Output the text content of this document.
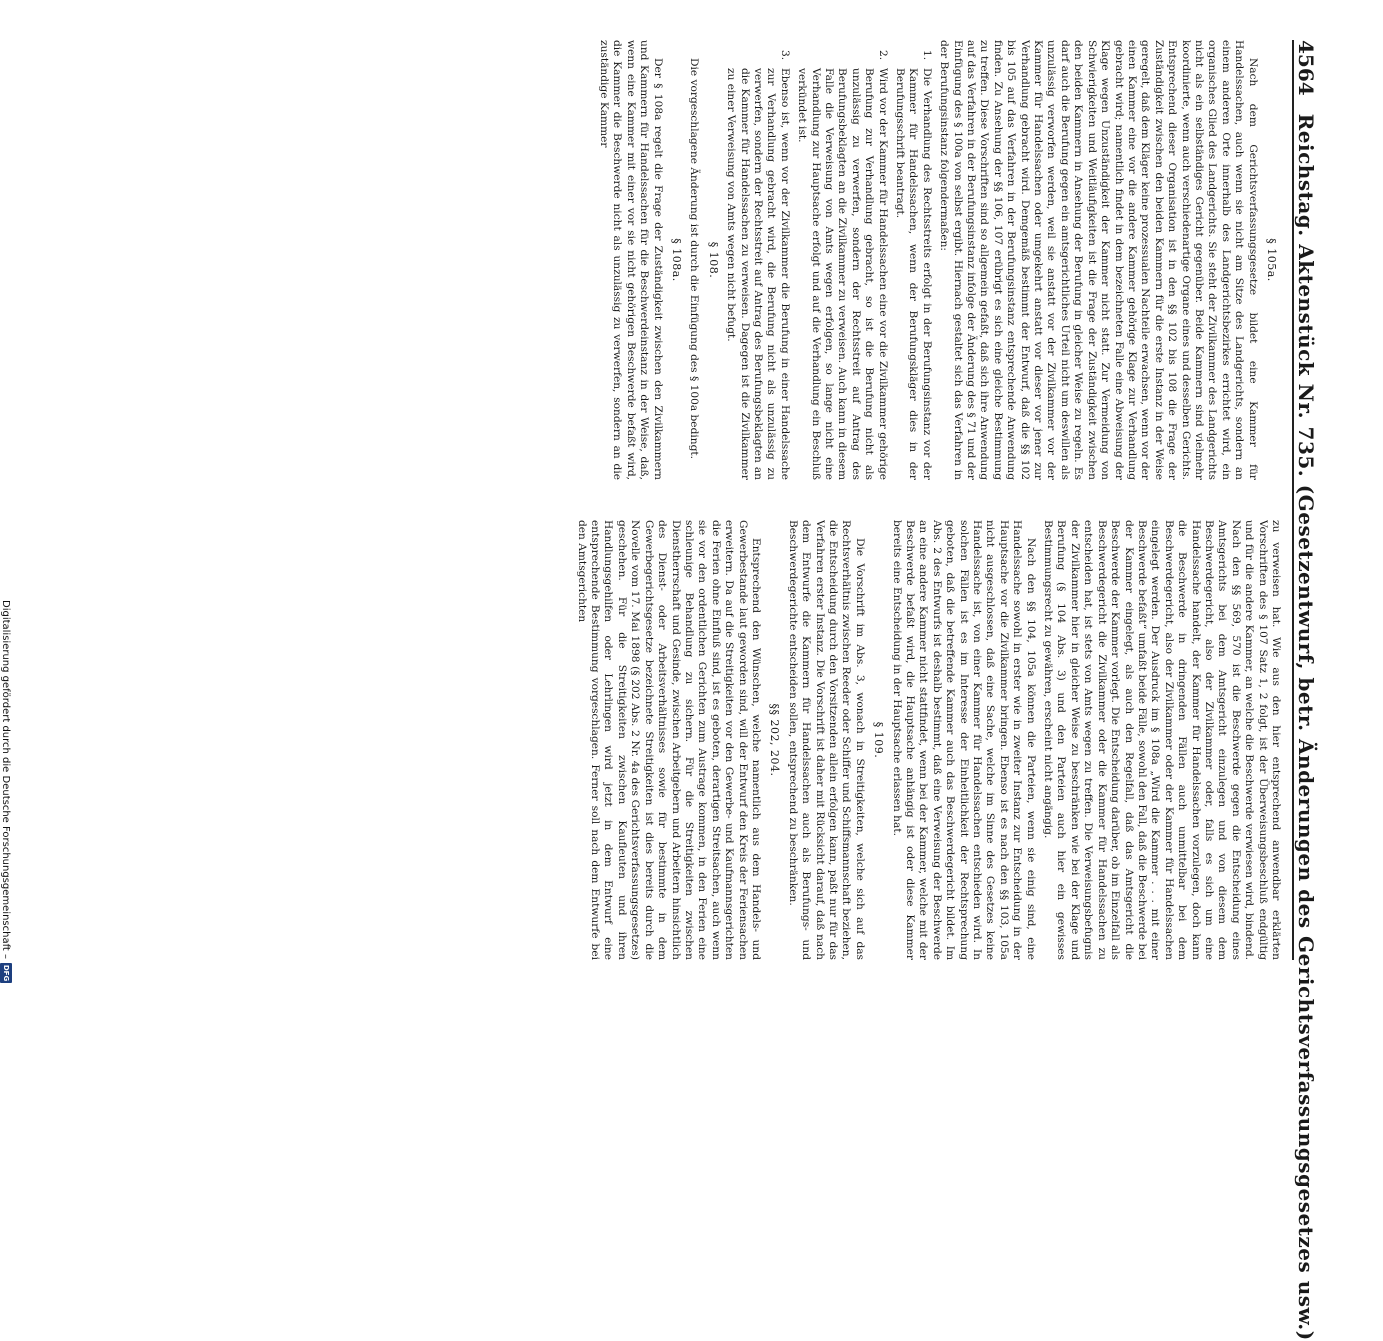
4564
Reichstag. Aktenstück Nr. 735. (Gesetzentwurf, betr. Änderungen des Gerichtsverfassungsgesetzes usw.)
§ 105a.

Nach dem Gerichtsverfassungsgesetze bildet eine Kammer für Handelssachen, auch wenn sie nicht am Sitze des Landgerichts, sondern an einem anderen Orte innerhalb des Landgerichtsbezirkes errichtet wird, ein organisches Glied des Landgerichts. Sie steht der Zivilkammer des Landgerichts nicht als ein selbständiges Gericht gegenüber. Beide Kammern sind vielmehr koordinierte, wenn auch verschiedenartige Organe eines und desselben Gerichts. Entsprechend dieser Organisation ist in den §§ 102 bis 108 die Frage der Zuständigkeit zwischen den beiden Kammern für die erste Instanz in der Weise geregelt, daß dem Kläger keine prozessualen Nachteile erwachsen, wenn vor der einen Kammer eine vor die andere Kammer gehörige Klage zur Verhandlung gebracht wird; namentlich findet in dem bezeichneten Falle eine Abweisung der Klage wegen Unzuständigkeit der Kammer nicht statt. Zur Vermeidung von Schwierigkeiten und Weitläufigkeiten ist die Frage der Zuständigkeit zwischen den beiden Kammern in Ansehung der Berufung in gleicher Weise zu regeln. Es darf auch die Berufung gegen ein amtsgerichtliches Urteil nicht um deswillen als unzulässig verworfen werden, weil sie anstatt vor der Zivilkammer vor der Kammer für Handelssachen oder umgekehrt anstatt vor dieser vor jener zur Verhandlung gebracht wird. Demgemäß bestimmt der Entwurf, daß die §§ 102 bis 105 auf das Verfahren in der Berufungsinstanz entsprechende Anwendung finden. Zu Ansehung der §§ 106, 107 erübrigt es sich eine gleiche Bestimmung zu treffen. Diese Vorschriften sind so allgemein gefaßt, daß sich ihre Anwendung auf das Verfahren in der Berufungsinstanz infolge der Änderung des § 71 und der Einfügung des § 100a von selbst ergibt. Hiernach gestaltet sich das Verfahren in der Berufungsinstanz folgendermaßen:

1.Die Verhandlung des Rechtsstreits erfolgt in der Berufungsinstanz vor der Kammer für Handelssachen, wenn der Berufungskläger dies in der Berufungsschrift beantragt.

2.Wird vor der Kammer für Handelssachen eine vor die Zivilkammer gehörige Berufung zur Verhandlung gebracht, so ist die Berufung nicht als unzulässig zu verwerfen, sondern der Rechtsstreit auf Antrag des Berufungsbeklagten an die Zivilkammer zu verweisen. Auch kann in diesem Falle die Verweisung von Amts wegen erfolgen, so lange nicht eine Verhandlung zur Hauptsache erfolgt und auf die Verhandlung ein Beschluß verkündet ist.

3.Ebenso ist, wenn vor der Zivilkammer die Berufung in einer Handelssache zur Verhandlung gebracht wird, die Berufung nicht als unzulässig zu verwerfen, sondern der Rechtsstreit auf Antrag des Berufungsbeklagten an die Kammer für Handelssachen zu verweisen. Dagegen ist die Zivilkammer zu einer Verweisung von Amts wegen nicht befugt.

§ 108.

Die vorgeschlagene Änderung ist durch die Einfügung des § 100a bedingt.

§ 108a.

Der § 108a regelt die Frage der Zuständigkeit zwischen den Zivilkammern und Kammern für Handelssachen für die Beschwerdeinstanz in der Weise, daß, wenn eine Kammer mit einer vor sie nicht gehörigen Beschwerde befaßt wird, die Kammer die Beschwerde nicht als unzulässig zu verwerfen, sondern an die zuständige Kammer

zu verweisen hat. Wie aus den hier entsprechend anwendbar erklärten Vorschriften des § 107 Satz 1, 2 folgt, ist der Überweisungsbeschluß endgültig und für die andere Kammer, an welche die Beschwerde verwiesen wird, bindend. Nach den §§ 569, 570 ist die Beschwerde gegen die Entscheidung eines Amtsgerichts bei dem Amtsgericht einzulegen und von diesem dem Beschwerdegericht, also der Zivilkammer oder, falls es sich um eine Handelssache handelt, der Kammer für Handelssachen vorzulegen, doch kann die Beschwerde in dringenden Fällen auch unmittelbar bei dem Beschwerdegericht, also der Zivilkammer oder der Kammer für Handelssachen eingelegt werden. Der Ausdruck im § 108a „Wird die Kammer . . . mit einer Beschwerde befaßt“ umfaßt beide Fälle, sowohl den Fall, daß die Beschwerde bei der Kammer eingelegt, als auch den Regelfall, daß das Amtsgericht die Beschwerde der Kammer vorlegt. Die Entscheidung darüber, ob im Einzelfall als Beschwerdegericht die Zivilkammer oder die Kammer für Handelssachen zu entscheiden hat, ist stets von Amts wegen zu treffen. Die Verweisungsbefugnis der Zivilkammer hier in gleicher Weise zu beschränken wie bei der Klage und Berufung (§ 104 Abs. 3) und den Parteien auch hier ein gewisses Bestimmungsrecht zu gewähren, erscheint nicht angängig.

Nach den §§ 104, 105a können die Parteien, wenn sie einig sind, eine Handelssache sowohl in erster wie in zweiter Instanz zur Entscheidung in der Hauptsache vor die Zivilkammer bringen. Ebenso ist es nach den §§ 103, 105a nicht ausgeschlossen, daß eine Sache, welche im Sinne des Gesetzes keine Handelssache ist, von einer Kammer für Handelssachen entschieden wird. In solchen Fällen ist es im Interesse der Einheitlichkeit der Rechtsprechung geboten, daß die betreffende Kammer auch das Beschwerdegericht bildet. Im Abs. 2 des Entwurfs ist deshalb bestimmt, daß eine Verweisung der Beschwerde an eine andere Kammer nicht stattfindet, wenn bei der Kammer, welche mit der Beschwerde befaßt wird, die Hauptsache anhängig ist oder diese Kammer bereits eine Entscheidung in der Hauptsache erlassen hat.

§ 109.

Die Vorschrift im Abs. 3, wonach in Streitigkeiten, welche sich auf das Rechtsverhältnis zwischen Reeder oder Schiffer und Schiffsmannschaft beziehen, die Entscheidung durch den Vorsitzenden allein erfolgen kann, paßt nur für das Verfahren erster Instanz. Die Vorschrift ist daher mit Rücksicht darauf, daß nach dem Entwurfe die Kammern für Handelssachen auch als Berufungs- und Beschwerdegerichte entscheiden sollen, entsprechend zu beschränken.

§§ 202, 204.

Entsprechend den Wünschen, welche namentlich aus dem Handels- und Gewerbestande laut geworden sind, will der Entwurf den Kreis der Feriensachen erweitern. Da auf die Streitigkeiten vor den Gewerbe- und Kaufmannsgerichten die Ferien ohne Einfluß sind, ist es geboten, derartigen Streitsachen, auch wenn sie vor den ordentlichen Gerichten zum Austrage kommen, in den Ferien eine schleunige Behandlung zu sichern. Für die Streitigkeiten zwischen Dienstherrschaft und Gesinde, zwischen Arbeitgebern und Arbeitern hinsichtlich des Dienst- oder Arbeitsverhältnisses sowie für bestimmte in dem Gewerbegerichtsgesetze bezeichnete Streitigkeiten ist dies bereits durch die Novelle vom 17. Mai 1898 (§ 202 Abs. 2 Nr. 4a des Gerichtsverfassungsgesetzes) geschehen. Für die Streitigkeiten zwischen Kaufleuten und ihren Handlungsgehilfen oder Lehrlingen wird jetzt in dem Entwurf eine entsprechende Bestimmung vorgeschlagen. Ferner soll nach dem Entwurfe bei den Amtsgerichten

Digitalisierung gefördert durch die Deutsche Forschungsgemeinschaft –
DFG
